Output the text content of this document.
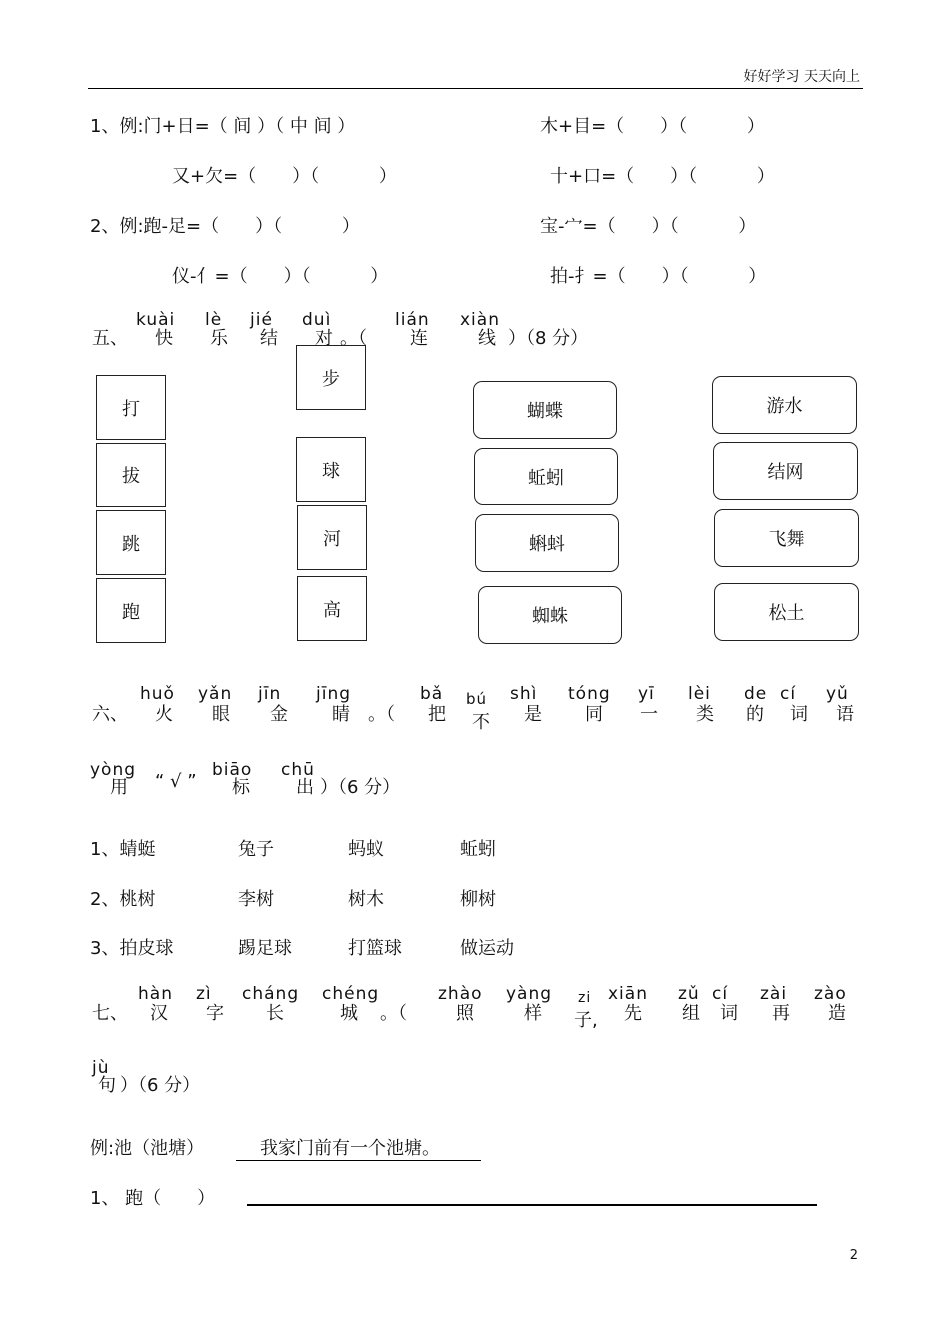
好好学习 天天向上
1、例:门+日=（ 间 ）（ 中 间 ）	木+目=（　　）（　　　 ）
又+欠=（　　）（　　　 ）	十+口=（　　）（　　　 ）
2、例:跑-足=（　　）（　　　 ）	宝-宀=（　　）（　　　 ）
仪-亻=（　　）（　　　 ）	拍-扌=（　　）（　　　 ）
kuài lè jié duì	lián xiàn
五、 快 乐 结 对 。（ 连	线 ）（8 分）
打
拔
跳
跑
步
球
河
高
蝴蝶
蚯蚓
蝌蚪
蜘蛛
游水
结网
飞舞
松土
huǒ yǎn jīn jīng	bǎ bú shì tóng yī lèi de cí yǔ
六、 火 眼 金 睛 。（ 把 不 是 同 一 类 的 词 语
yòng	biāo chū
用 “ √ ” 标	出 ）（6 分）
1、蜻蜓	兔子	蚂蚁	蚯蚓
2、桃树	李树	树木	柳树
3、拍皮球	踢足球	打篮球	做运动
hàn zì cháng chéng	zhào yàng zi xiān zǔ cí zài zào
七、 汉 字 长	城 。（	照	样 子, 先 组 词 再 造
jù
句 ）（6 分）
例:池（池塘）	我家门前有一个池塘。
1、 跑（　　）
2
